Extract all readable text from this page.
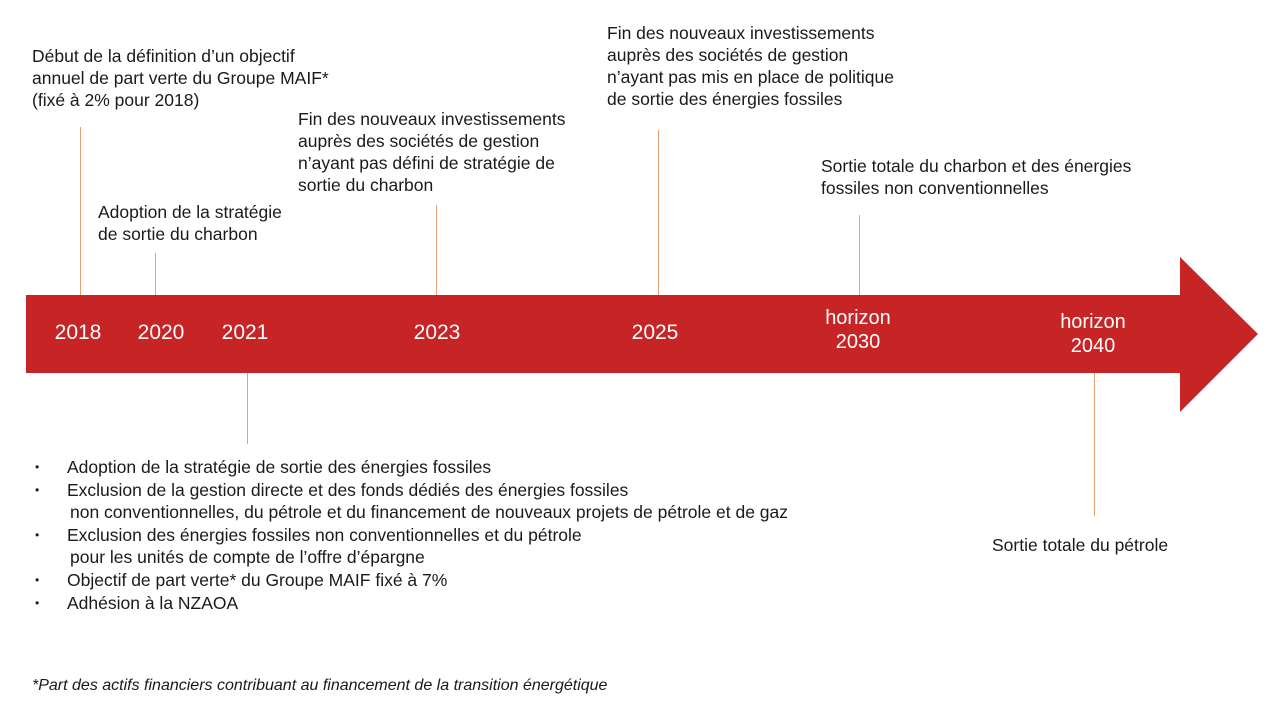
2018	2020	2021	2023	2025
horizon
2030
horizon
2040
Début de la définition d’un objectif
annuel de part verte du Groupe MAIF*
(fixé à 2% pour 2018)
Adoption de la stratégie
de sortie du charbon
Fin des nouveaux investissements
auprès des sociétés de gestion
n’ayant pas défini de stratégie de
sortie du charbon
Fin des nouveaux investissements
auprès des sociétés de gestion
n’ayant pas mis en place de politique
de sortie des énergies fossiles
Sortie totale du charbon et des énergies
fossiles non conventionnelles
Sortie totale du pétrole
• Adoption de la stratégie de sortie des énergies fossiles
• Exclusion de la gestion directe et des fonds dédiés des énergies fossiles
non conventionnelles, du pétrole et du financement de nouveaux projets de pétrole et de gaz
• Exclusion des énergies fossiles non conventionnelles et du pétrole
pour les unités de compte de l’offre d’épargne
• Objectif de part verte* du Groupe MAIF fixé à 7%
• Adhésion à la NZAOA
*Part des actifs financiers contribuant au financement de la transition énergétique
